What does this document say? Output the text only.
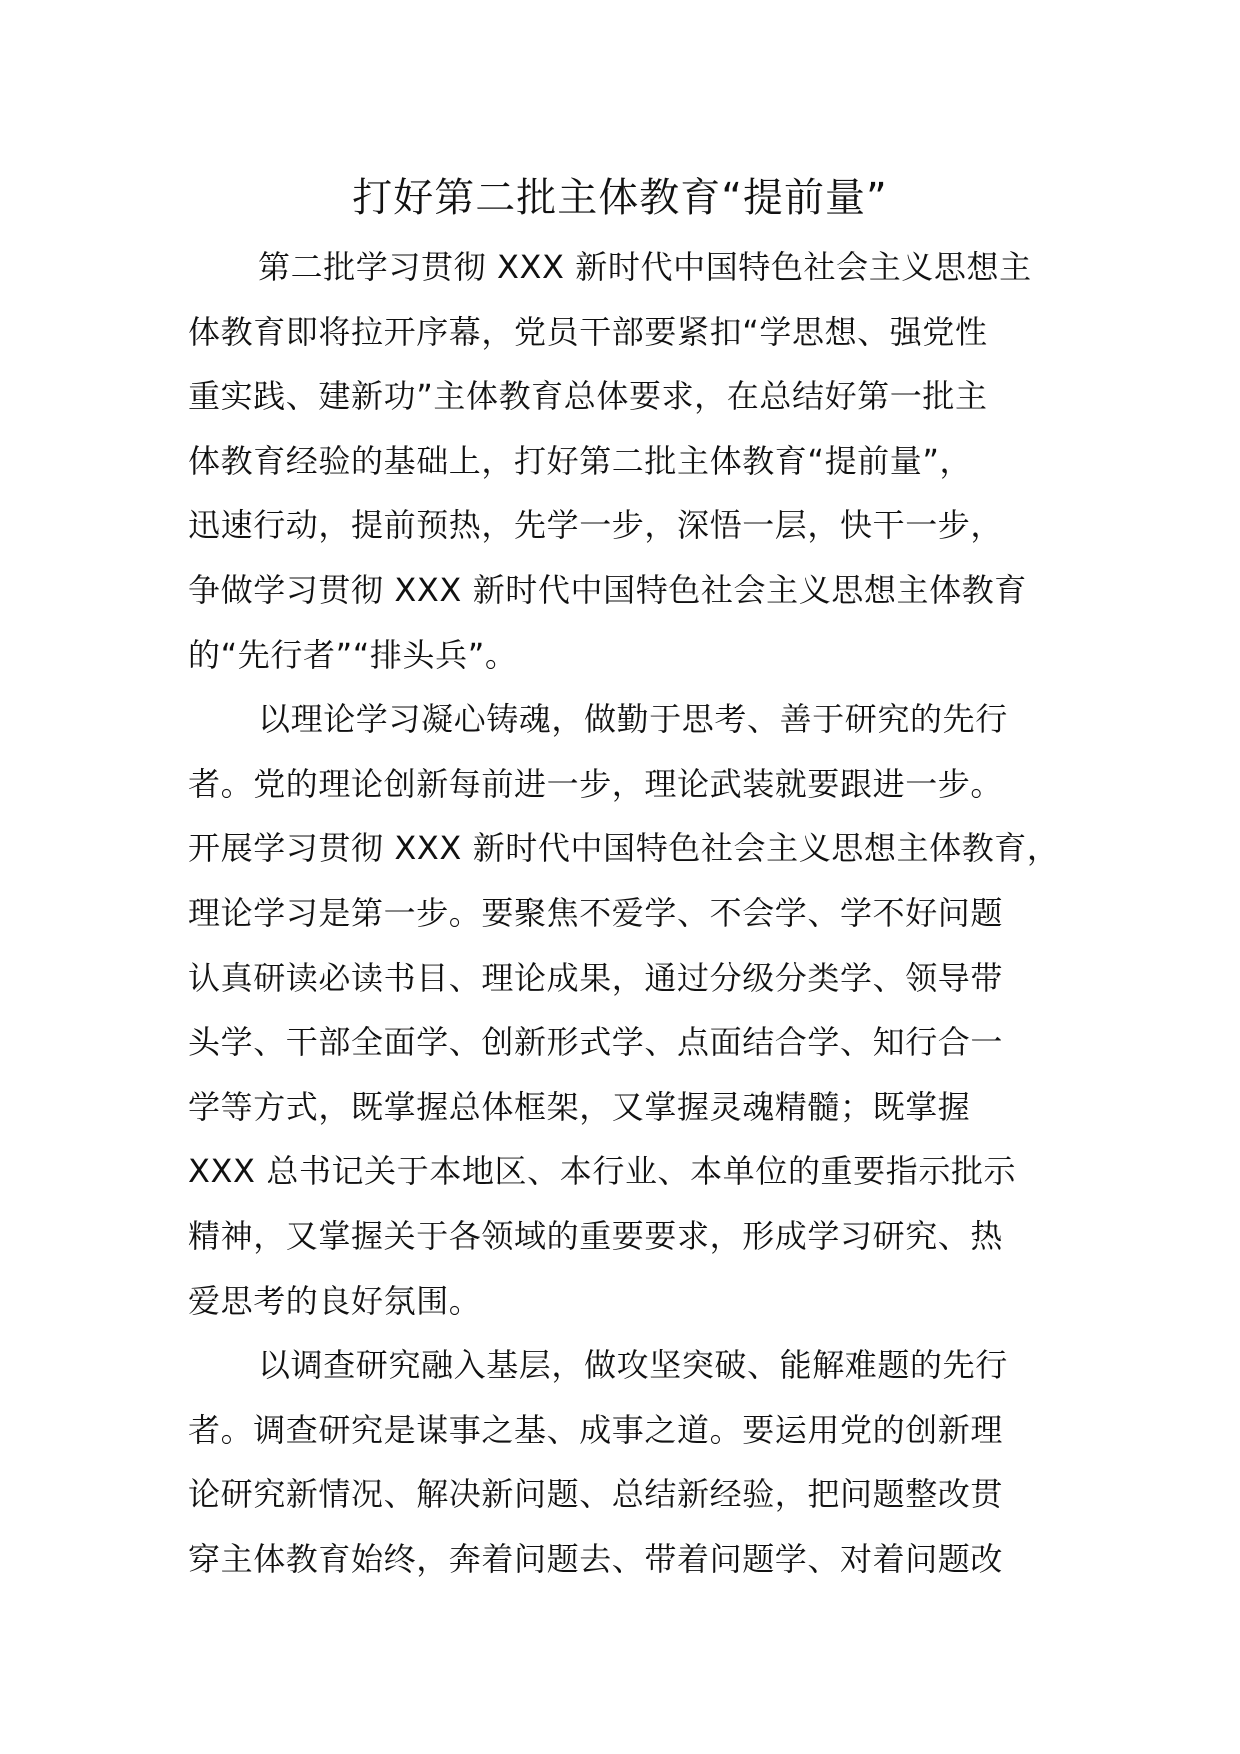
打好第二批主体教育“提前量”
第二批学习贯彻 XXX 新时代中国特色社会主义思想主
体教育即将拉开序幕，党员干部要紧扣“学思想、强党性
重实践、建新功”主体教育总体要求，在总结好第一批主
体教育经验的基础上，打好第二批主体教育“提前量”，
迅速行动，提前预热，先学一步，深悟一层，快干一步，
争做学习贯彻 XXX 新时代中国特色社会主义思想主体教育
的“先行者”“排头兵”。
以理论学习凝心铸魂，做勤于思考、善于研究的先行
者。党的理论创新每前进一步，理论武装就要跟进一步。
开展学习贯彻 XXX 新时代中国特色社会主义思想主体教育，
理论学习是第一步。要聚焦不爱学、不会学、学不好问题
认真研读必读书目、理论成果，通过分级分类学、领导带
头学、干部全面学、创新形式学、点面结合学、知行合一
学等方式，既掌握总体框架，又掌握灵魂精髓；既掌握
XXX 总书记关于本地区、本行业、本单位的重要指示批示
精神，又掌握关于各领域的重要要求，形成学习研究、热
爱思考的良好氛围。
以调查研究融入基层，做攻坚突破、能解难题的先行
者。调查研究是谋事之基、成事之道。要运用党的创新理
论研究新情况、解决新问题、总结新经验，把问题整改贯
穿主体教育始终，奔着问题去、带着问题学、对着问题改
